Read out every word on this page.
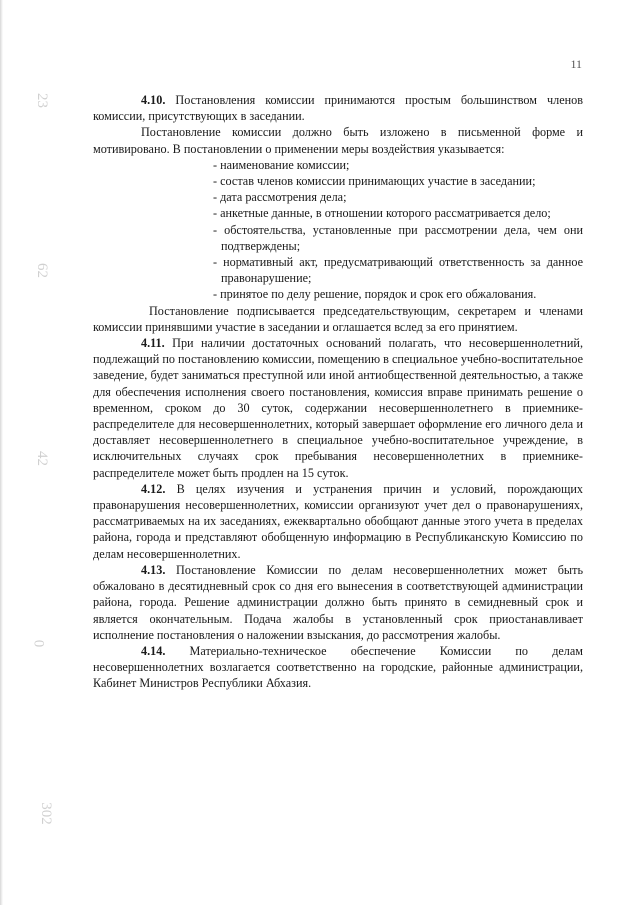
11
23
62
42
0
302

4.10. Постановления комиссии принимаются простым большинством членов комиссии, присутствующих в заседании.

Постановление комиссии должно быть изложено в письменной форме и мотивировано. В постановлении о применении меры воздействия указывается:

- наименование комиссии;
- состав членов комиссии принимающих участие в заседании;
- дата рассмотрения дела;
- анкетные данные, в отношении которого рассматривается дело;
- обстоятельства, установленные при рассмотрении дела, чем они подтверждены;
- нормативный акт, предусматривающий ответственность за данное правонарушение;
- принятое по делу решение, порядок и срок его обжалования.

Постановление подписывается председательствующим, секретарем и членами комиссии принявшими участие в заседании и оглашается вслед за его принятием.

4.11. При наличии достаточных оснований полагать, что несовершеннолетний, подлежащий по постановлению комиссии, помещению в специальное учебно-воспитательное заведение, будет заниматься преступной или иной антиобщественной деятельностью, а также для обеспечения исполнения своего постановления, комиссия вправе принимать решение о временном, сроком до 30 суток, содержании несовершеннолетнего в приемнике-распределителе для несовершеннолетних, который завершает оформление его личного дела и доставляет несовершеннолетнего в специальное учебно-воспитательное учреждение, в исключительных случаях срок пребывания несовершеннолетних в приемнике-распределителе может быть продлен на 15 суток.

4.12. В целях изучения и устранения причин и условий, порождающих правонарушения несовершеннолетних, комиссии организуют учет дел о правонарушениях, рассматриваемых на их заседаниях, ежеквартально обобщают данные этого учета в пределах района, города и представляют обобщенную информацию в Республиканскую Комиссию по делам несовершеннолетних.

4.13. Постановление Комиссии по делам несовершеннолетних может быть обжаловано в десятидневный срок со дня его вынесения в соответствующей администрации района, города. Решение администрации должно быть принято в семидневный срок и является окончательным. Подача жалобы в установленный срок приостанавливает исполнение постановления о наложении взыскания, до рассмотрения жалобы.

4.14. Материально-техническое обеспечение Комиссии по делам несовершеннолетних возлагается соответственно на городские, районные администрации, Кабинет Министров Республики Абхазия.
